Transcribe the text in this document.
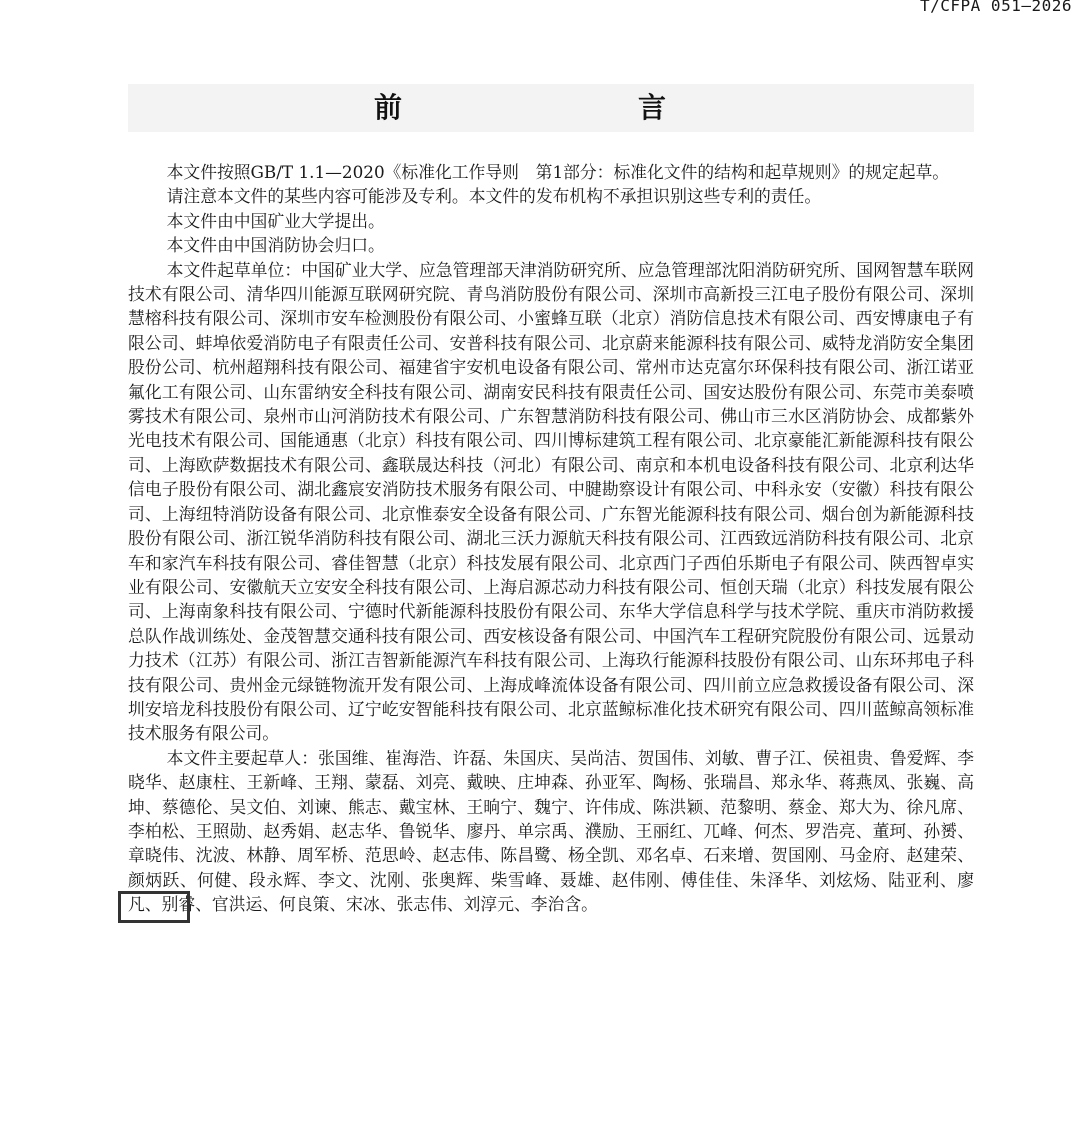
T/CFPA 051—2026
前　　言

本文件按照GB/T 1.1—2020《标准化工作导则　第1部分：标准化文件的结构和起草规则》的规定起草。

请注意本文件的某些内容可能涉及专利。本文件的发布机构不承担识别这些专利的责任。

本文件由中国矿业大学提出。

本文件由中国消防协会归口。

本文件起草单位：中国矿业大学、应急管理部天津消防研究所、应急管理部沈阳消防研究所、国网智慧车联网技术有限公司、清华四川能源互联网研究院、青鸟消防股份有限公司、深圳市高新投三江电子股份有限公司、深圳慧榕科技有限公司、深圳市安车检测股份有限公司、小蜜蜂互联（北京）消防信息技术有限公司、西安博康电子有限公司、蚌埠依爱消防电子有限责任公司、安普科技有限公司、北京蔚来能源科技有限公司、威特龙消防安全集团股份公司、杭州超翔科技有限公司、福建省宇安机电设备有限公司、常州市达克富尔环保科技有限公司、浙江诺亚氟化工有限公司、山东雷纳安全科技有限公司、湖南安民科技有限责任公司、国安达股份有限公司、东莞市美泰喷雾技术有限公司、泉州市山河消防技术有限公司、广东智慧消防科技有限公司、佛山市三水区消防协会、成都紫外光电技术有限公司、国能通惠（北京）科技有限公司、四川博标建筑工程有限公司、北京豪能汇新能源科技有限公司、上海欧萨数据技术有限公司、鑫联晟达科技（河北）有限公司、南京和本机电设备科技有限公司、北京利达华信电子股份有限公司、湖北鑫宸安消防技术服务有限公司、中腱勘察设计有限公司、中科永安（安徽）科技有限公司、上海纽特消防设备有限公司、北京惟泰安全设备有限公司、广东智光能源科技有限公司、烟台创为新能源科技股份有限公司、浙江锐华消防科技有限公司、湖北三沃力源航天科技有限公司、江西致远消防科技有限公司、北京车和家汽车科技有限公司、睿佳智慧（北京）科技发展有限公司、北京西门子西伯乐斯电子有限公司、陕西智卓实业有限公司、安徽航天立安安全科技有限公司、上海启源芯动力科技有限公司、恒创天瑞（北京）科技发展有限公司、上海南象科技有限公司、宁德时代新能源科技股份有限公司、东华大学信息科学与技术学院、重庆市消防救援总队作战训练处、金茂智慧交通科技有限公司、西安核设备有限公司、中国汽车工程研究院股份有限公司、远景动力技术（江苏）有限公司、浙江吉智新能源汽车科技有限公司、上海玖行能源科技股份有限公司、山东环邦电子科技有限公司、贵州金元绿链物流开发有限公司、上海成峰流体设备有限公司、四川前立应急救援设备有限公司、深圳安培龙科技股份有限公司、辽宁屹安智能科技有限公司、北京蓝鲸标准化技术研究有限公司、四川蓝鲸高领标准技术服务有限公司。

本文件主要起草人：张国维、崔海浩、许磊、朱国庆、吴尚洁、贺国伟、刘敏、曹子江、侯祖贵、鲁爱辉、李晓华、赵康柱、王新峰、王翔、蒙磊、刘亮、戴映、庄坤森、孙亚军、陶杨、张瑞昌、郑永华、蒋燕凤、张巍、高坤、蔡德伦、吴文伯、刘谏、熊志、戴宝林、王晌宁、魏宁、许伟成、陈洪颖、范黎明、蔡金、郑大为、徐凡席、李柏松、王照勋、赵秀娟、赵志华、鲁锐华、廖丹、单宗禹、濮励、王丽红、兀峰、何杰、罗浩亮、董珂、孙赟、章晓伟、沈波、林静、周军桥、范思岭、赵志伟、陈昌鹭、杨全凯、邓名卓、石来增、贺国刚、马金府、赵建荣、颜炳跃、何健、段永辉、李文、沈刚、张奥辉、柴雪峰、聂雄、赵伟刚、傅佳佳、朱泽华、刘炫炀、陆亚利、廖凡、别睿、官洪运、何良策、宋冰、张志伟、刘淳元、李治含。
